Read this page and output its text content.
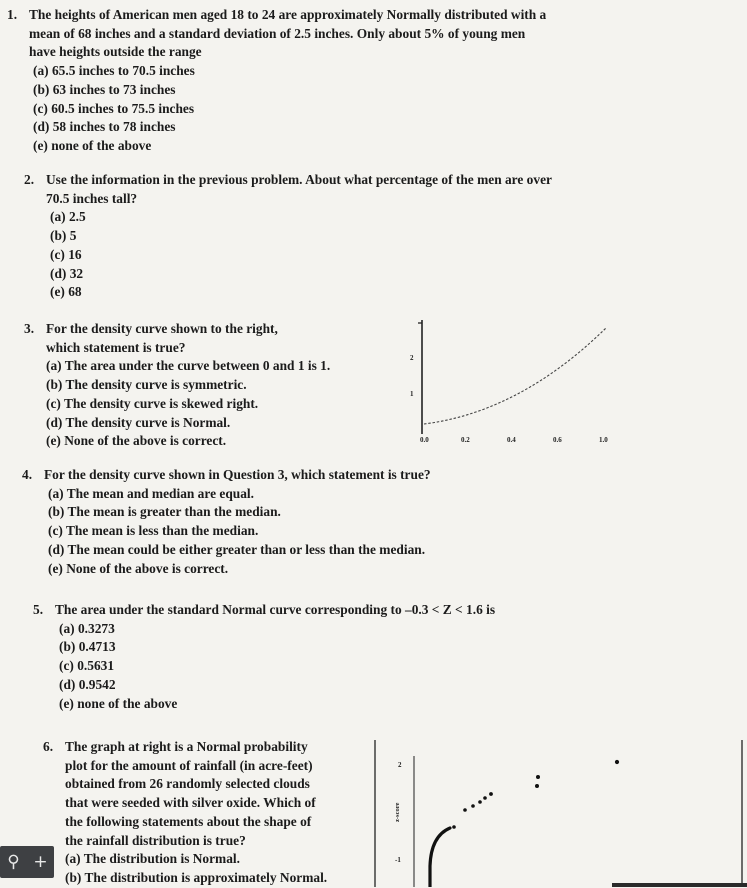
1. The heights of American men aged 18 to 24 are approximately Normally distributed with a
mean of 68 inches and a standard deviation of 2.5 inches. Only about 5% of young men
have heights outside the range
(a) 65.5 inches to 70.5 inches
(b) 63 inches to 73 inches
(c) 60.5 inches to 75.5 inches
(d) 58 inches to 78 inches
(e) none of the above
2. Use the information in the previous problem. About what percentage of the men are over
70.5 inches tall?
(a) 2.5
(b) 5
(c) 16
(d) 32
(e) 68
3. For the density curve shown to the right,
which statement is true?
(a) The area under the curve between 0 and 1 is 1.
(b) The density curve is symmetric.
(c) The density curve is skewed right.
(d) The density curve is Normal.
(e) None of the above is correct.
2
1
0.0	0.2	0.4	0.6	1.0
4. For the density curve shown in Question 3, which statement is true?
(a) The mean and median are equal.
(b) The mean is greater than the median.
(c) The mean is less than the median.
(d) The mean could be either greater than or less than the median.
(e) None of the above is correct.
5. The area under the standard Normal curve corresponding to –0.3 < Z < 1.6 is
(a) 0.3273
(b) 0.4713
(c) 0.5631
(d) 0.9542
(e) none of the above
6. The graph at right is a Normal probability
plot for the amount of rainfall (in acre-feet)
obtained from 26 randomly selected clouds
that were seeded with silver oxide. Which of
the following statements about the shape of
the rainfall distribution is true?
(a) The distribution is Normal.
(b) The distribution is approximately Normal.
2
-1
z-score
⚲ +
